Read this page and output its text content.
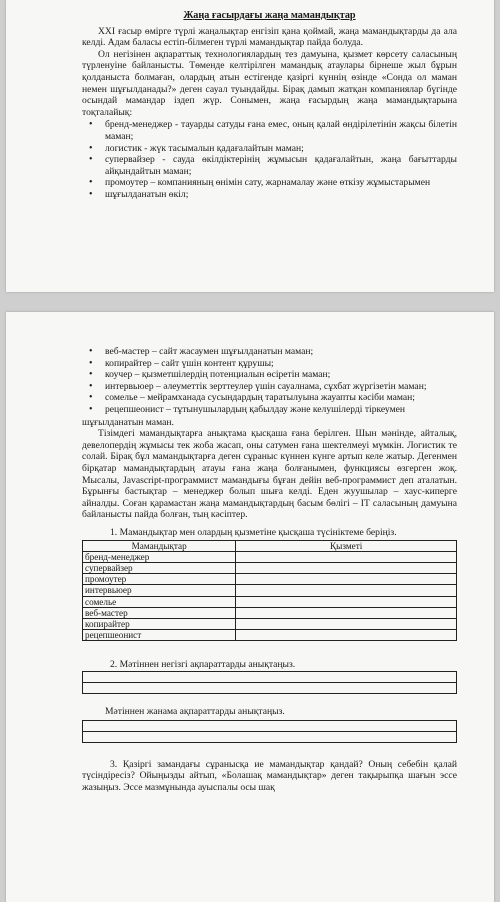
Жаңа ғасырдағы жаңа мамандықтар

XXI ғасыр өмірге түрлі жаңалықтар енгізіп қана қоймай, жаңа мамандықтарды да ала келді. Адам баласы естіп-білмеген түрлі мамандықтар пайда болуда.

Ол негізінен ақпараттық технологиялардың тез дамуына, қызмет көрсету саласының түрленуіне байланысты. Төменде келтірілген мамандық атаулары бірнеше жыл бұрын қолданыста болмаған, олардың атын естігенде қазіргі күннің өзінде «Сонда ол маман немен шұғылданады?» деген сауал туындайды. Бірақ дамып жатқан компаниялар бүгінде осындай мамандар іздеп жүр. Сонымен, жаңа ғасырдың жаңа мамандықтарына тоқталайық:

• бренд-менеджер - тауарды сатуды ғана емес, оның қалай өндірілетінін жақсы білетін маман;
• логистик - жүк тасымалын қадағалайтын маман;
• супервайзер - сауда өкілдіктерінің жұмысын қадағалайтын, жаңа бағыттарды айқындайтын маман;
• промоутер – компанияның өнімін сату, жарнамалау және өткізу жұмыстарымен
• шұғылданатын өкіл;
• веб-мастер – сайт жасаумен шұғылданатын маман;
• копирайтер – сайт үшін контент құрушы;
• коучер – қызметшілердің потенциалын өсіретін маман;
• интервьюер – әлеуметтік зерттеулер үшін сауалнама, сұхбат жүргізетін маман;
• сомелье – мейрамханада сусындардың таратылуына жауапты кәсіби маман;
• рецепшеонист – тұтынушылардың қабылдау және келушілерді тіркеумен

шұғылданатын маман.

Тізімдегі мамандықтарға анықтама қысқаша ғана берілген. Шын мәнінде, айталық, девелопердің жұмысы тек жоба жасап, оны сатумен ғана шектелмеуі мүмкін. Логистик те солай. Бірақ бұл мамандықтарға деген сұраныс күннен күнге артып келе жатыр. Дегенмен бірқатар мамандықтардың атауы ғана жаңа болғанымен, функциясы өзгерген жоқ. Мысалы, Javascript-программист мамандығы бұған дейін веб-программист деп аталатын. Бұрынғы бастықтар – менеджер болып шыға келді. Еден жуушылар – хаус-киперге айналды. Соған қарамастан жаңа мамандықтардың басым бөлігі – ІТ саласының дамуына байланысты пайда болған, тың кәсіптер.

1. Мамандықтар мен олардың қызметіне қысқаша түсініктеме беріңіз.
Мамандықтар	Қызметі
бренд-менеджер	
супервайзер	
промоутер	
интервьюер	
сомелье	
веб-мастер	
копирайтер	
рецепшеонист	
2. Мәтіннен негізгі ақпараттарды анықтаңыз.
Мәтіннен жанама ақпараттарды анықтаңыз.

3. Қазіргі замандағы сұранысқа ие мамандықтар қандай? Оның себебін қалай түсіндіресіз? Ойыңызды айтып, «Болашақ мамандықтар» деген тақырыпқа шағын эссе жазыңыз. Эссе мазмұнында ауыспалы осы шақ
